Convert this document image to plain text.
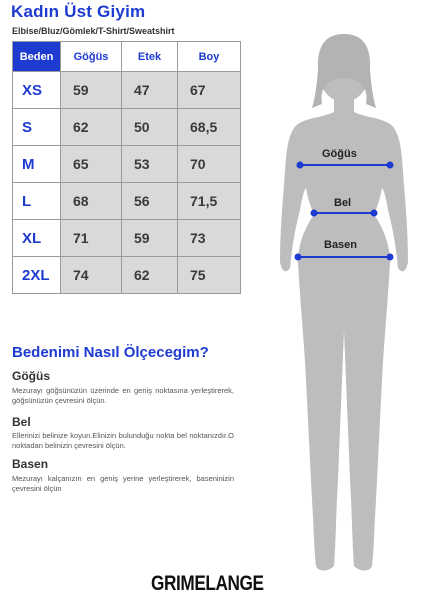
Kadın Üst Giyim
Elbise/Bluz/Gömlek/T-Shirt/Sweatshirt
Beden	Göğüs	Etek	Boy
XS	59	47	67
S	62	50	68,5
M	65	53	70
L	68	56	71,5
XL	71	59	73
2XL	74	62	75
Bedenimi Nasıl Ölçecegim?
Göğüs
Mezurayı göğsünüzün üzerinde en geniş noktasına yerleştirerek, göğsünüzün çevresini ölçün.
Bel
Ellerinizi belinize koyun.Elinizin bulunduğu nokta bel noktanızdır.O noktadan belinizin çevresini ölçün.
Basen
Mezurayı kalçanızın en geniş yerine yerleştirerek, baseninizin çevresini ölçün
Göğüs
Bel
Basen
GRIMELANGE
